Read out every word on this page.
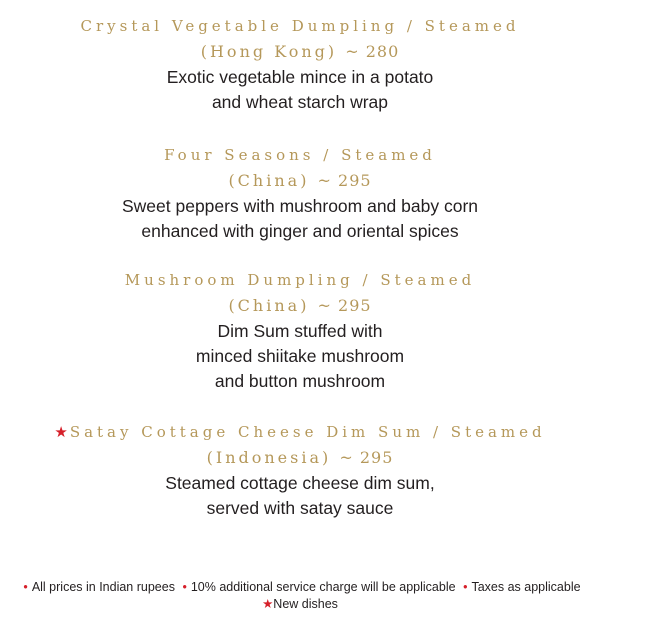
Crystal Vegetable Dumpling / Steamed
(Hong Kong) ~ 280
Exotic vegetable mince in a potato
and wheat starch wrap
Four Seasons / Steamed
(China) ~ 295
Sweet peppers with mushroom and baby corn
enhanced with ginger and oriental spices
Mushroom Dumpling / Steamed
(China) ~ 295
Dim Sum stuffed with
minced shiitake mushroom
and button mushroom
★ Satay Cottage Cheese Dim Sum / Steamed
(Indonesia) ~ 295
Steamed cottage cheese dim sum,
served with satay sauce
• All prices in Indian rupees • 10% additional service charge will be applicable • Taxes as applicable
★New dishes
